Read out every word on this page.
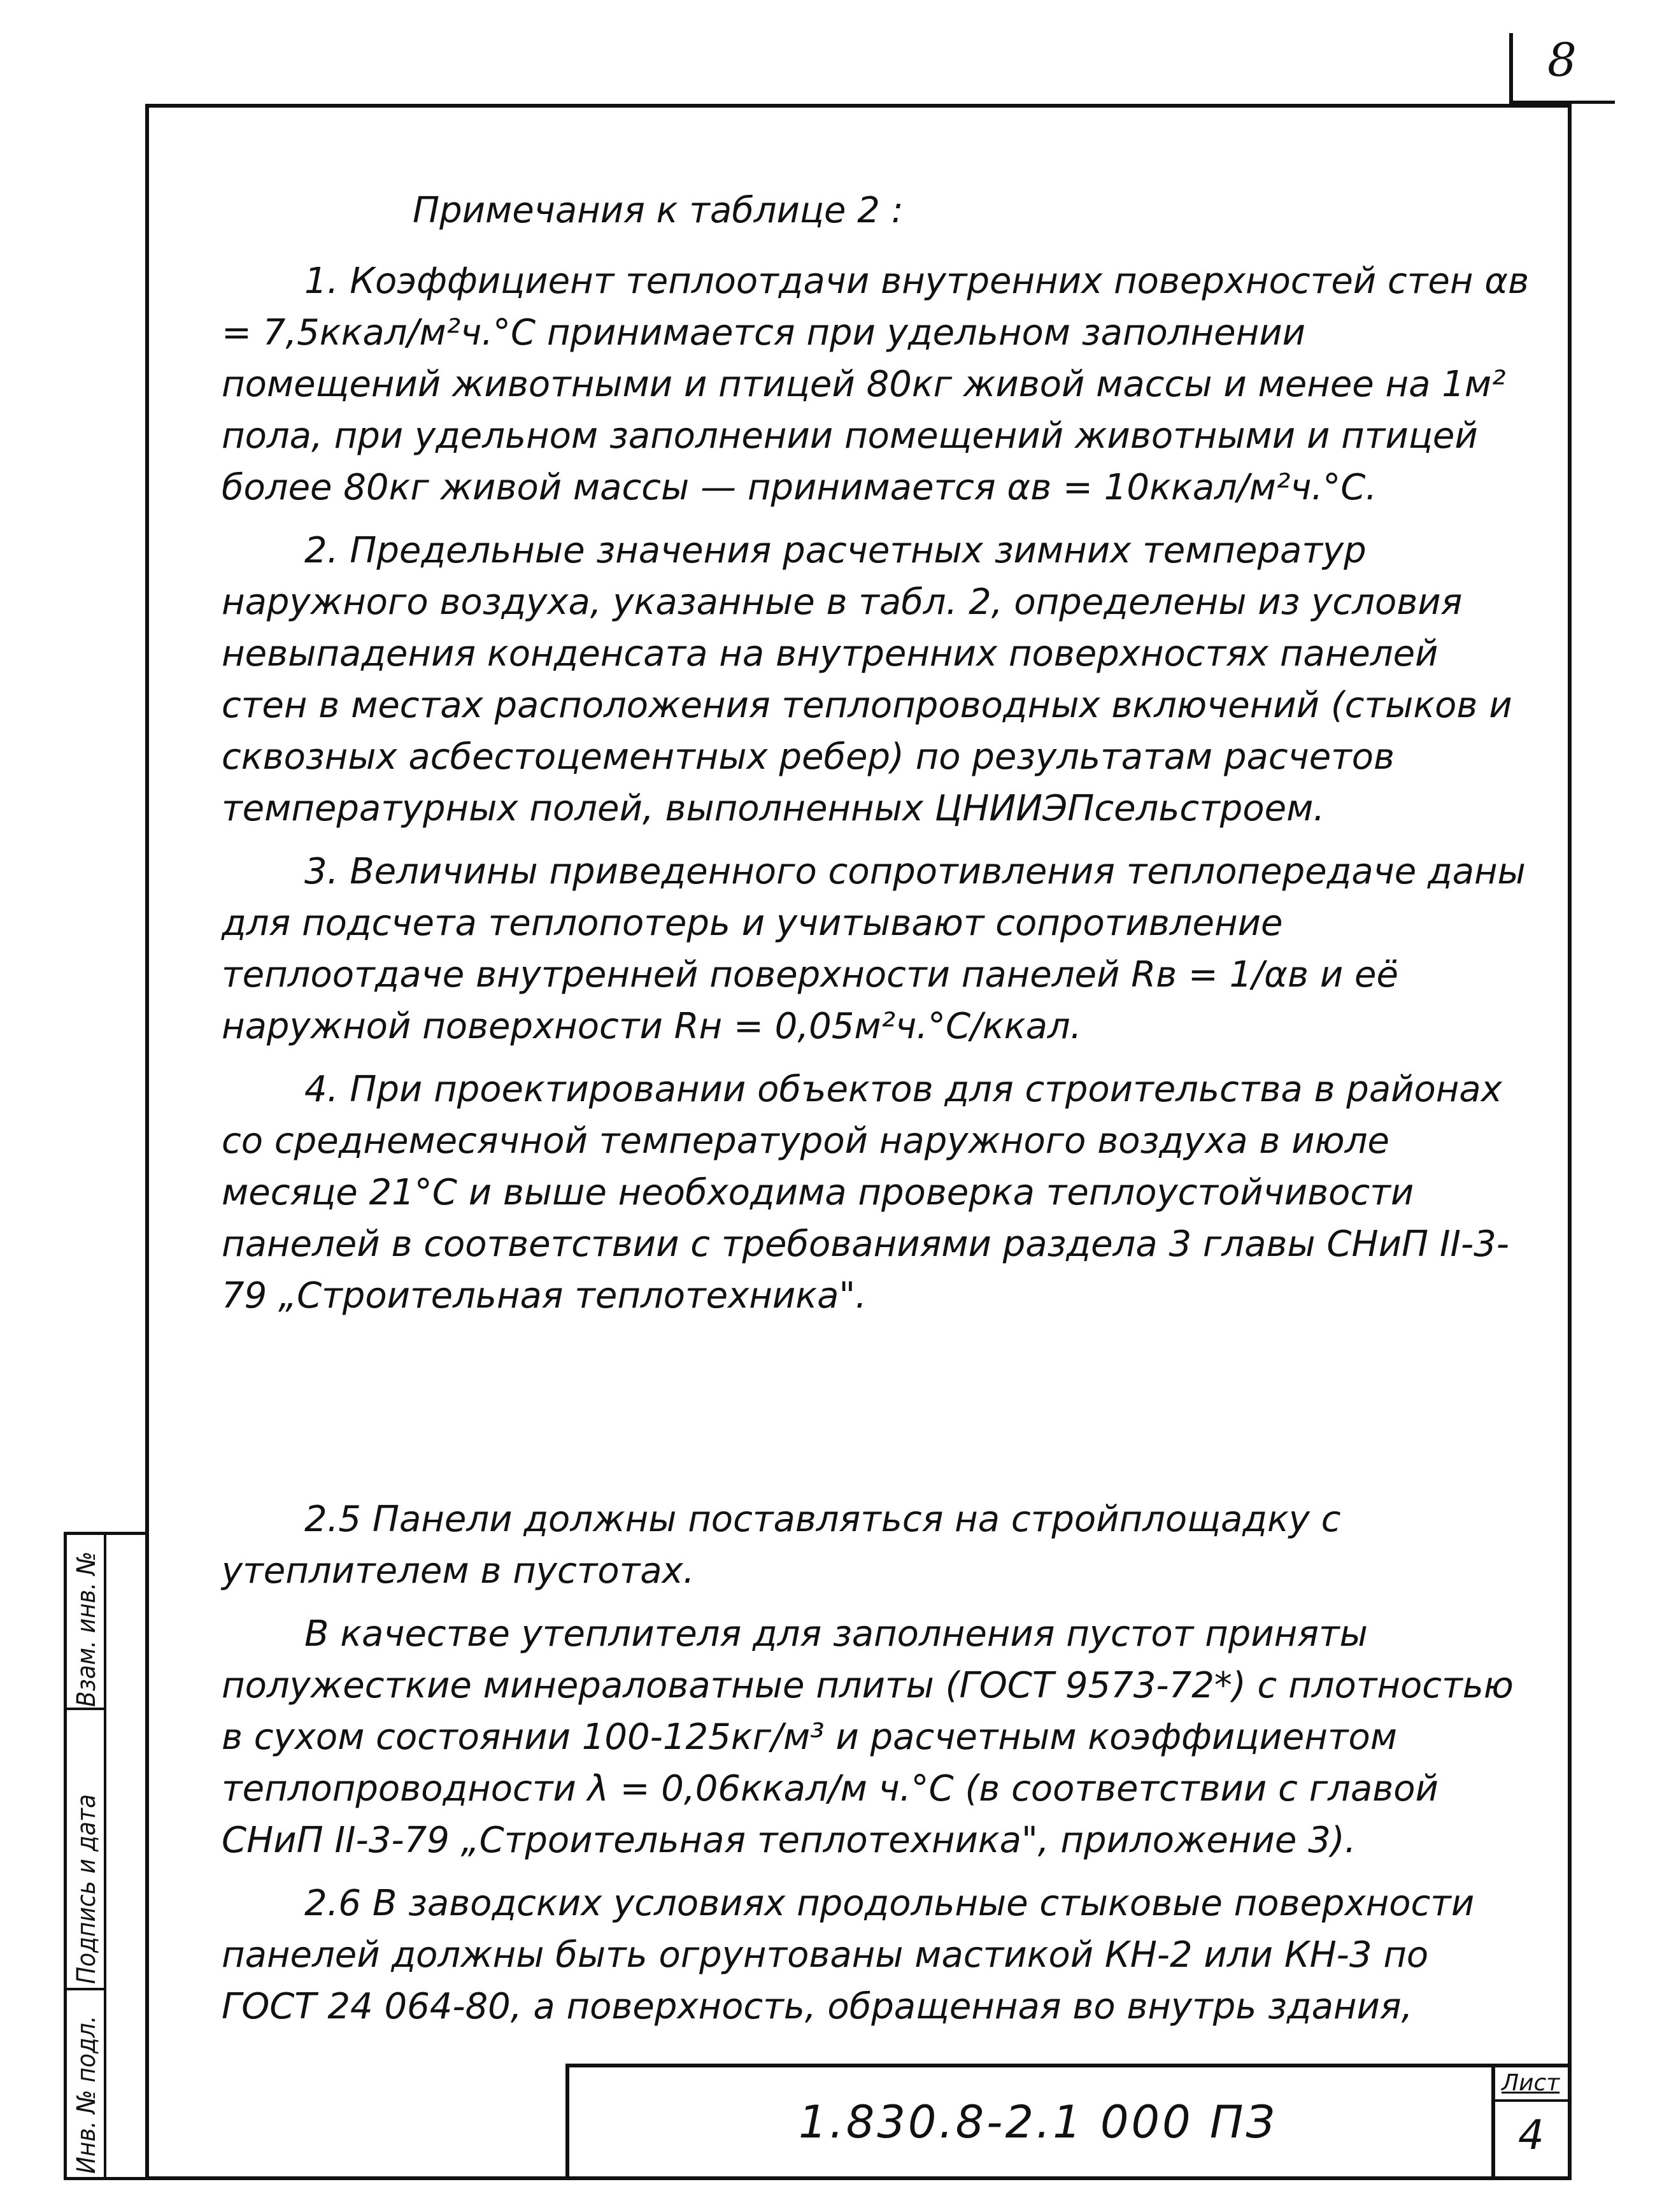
8

Примечания к таблице 2 :

1. Коэффициент теплоотдачи внутренних поверхностей стен αв = 7,5ккал/м²ч.°С принимается при удельном заполнении помещений животными и птицей 80кг живой массы и менее на 1м² пола, при удельном заполнении помещений животными и птицей более 80кг живой массы — принимается αв = 10ккал/м²ч.°С.

2. Предельные значения расчетных зимних температур наружного воздуха, указанные в табл. 2, определены из условия невыпадения конденсата на внутренних поверхностях панелей стен в местах расположения теплопроводных включений (стыков и сквозных асбестоцементных ребер) по результатам расчетов температурных полей, выполненных ЦНИИЭПсельстроем.

3. Величины приведенного сопротивления теплопередаче даны для подсчета теплопотерь и учитывают сопротивление теплоотдаче внутренней поверхности панелей Rв = 1/αв и её наружной поверхности Rн = 0,05м²ч.°С/ккал.

4. При проектировании объектов для строительства в районах со среднемесячной температурой наружного воздуха в июле месяце 21°С и выше необходима проверка теплоустойчивости панелей в соответствии с требованиями раздела 3 главы СНиП II-3-79 „Строительная теплотехника".

2.5 Панели должны поставляться на стройплощадку с утеплителем в пустотах.

В качестве утеплителя для заполнения пустот приняты полужесткие минераловатные плиты (ГОСТ 9573-72*) с плотностью в сухом состоянии 100-125кг/м³ и расчетным коэффициентом теплопроводности λ = 0,06ккал/м ч.°С (в соответствии с главой СНиП II-3-79 „Строительная теплотехника", приложение 3).

2.6 В заводских условиях продольные стыковые поверхности панелей должны быть огрунтованы мастикой КН-2 или КН-3 по ГОСТ 24 064-80, а поверхность, обращенная во внутрь здания,

Взам. инв. №
Подпись и дата
Инв. № подл.	1.830.8-2.1 000 ПЗ
Лист
4
